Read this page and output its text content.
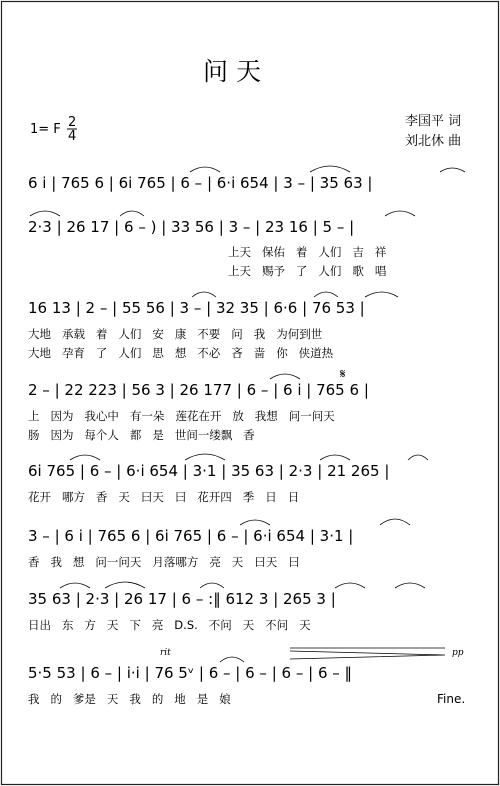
问天
1= F 2
4
李国平 词
刘北休 曲
6 i | 765 6 | 6i 765 | 6 – | 6·i 654 | 3 – | 35 63 |
2·3 | 26 17 | 6 – ) | 33 56 | 3 – | 23 16 | 5 – |
上天   保佑   着   人们   吉   祥
上天   赐予   了   人们   歌   唱
16 13 | 2 – | 55 56 | 3 – | 32 35 | 6·6 | 76 53 |
大地   承载   着   人们   安   康   不要   问   我   为何到世
大地   孕育   了   人们   思   想   不必   吝   啬   你   侠道热
2 – | 22 223 | 56 3 | 26 177 | 6 – | 6 i | 765 6 |
上   因为   我心中   有一朵   莲花在开   放   我想   问一问天
肠   因为   每个人   都   是   世间一缕飘   香
𝄋
6i 765 | 6 – | 6·i 654 | 3·1 | 35 63 | 2·3 | 21 265 |
花开   哪方   香   天   曰天   曰   花开四   季   日   日
3 – | 6 i | 765 6 | 6i 765 | 6 – | 6·i 654 | 3·1 |
香   我   想   问一问天   月落哪方   亮   天   曰天   曰
35 63 | 2·3 | 26 17 | 6 – :‖ 612 3 | 265 3 |
日出   东   方   天   下   亮   D.S.   不问   天   不问   天
rit	pp
5·5 53 | 6 – | i·i | 76 5ᵛ | 6 – | 6 – | 6 – | 6 – ‖
我   的   爹是   天   我   的   地   是   娘	Fine.
